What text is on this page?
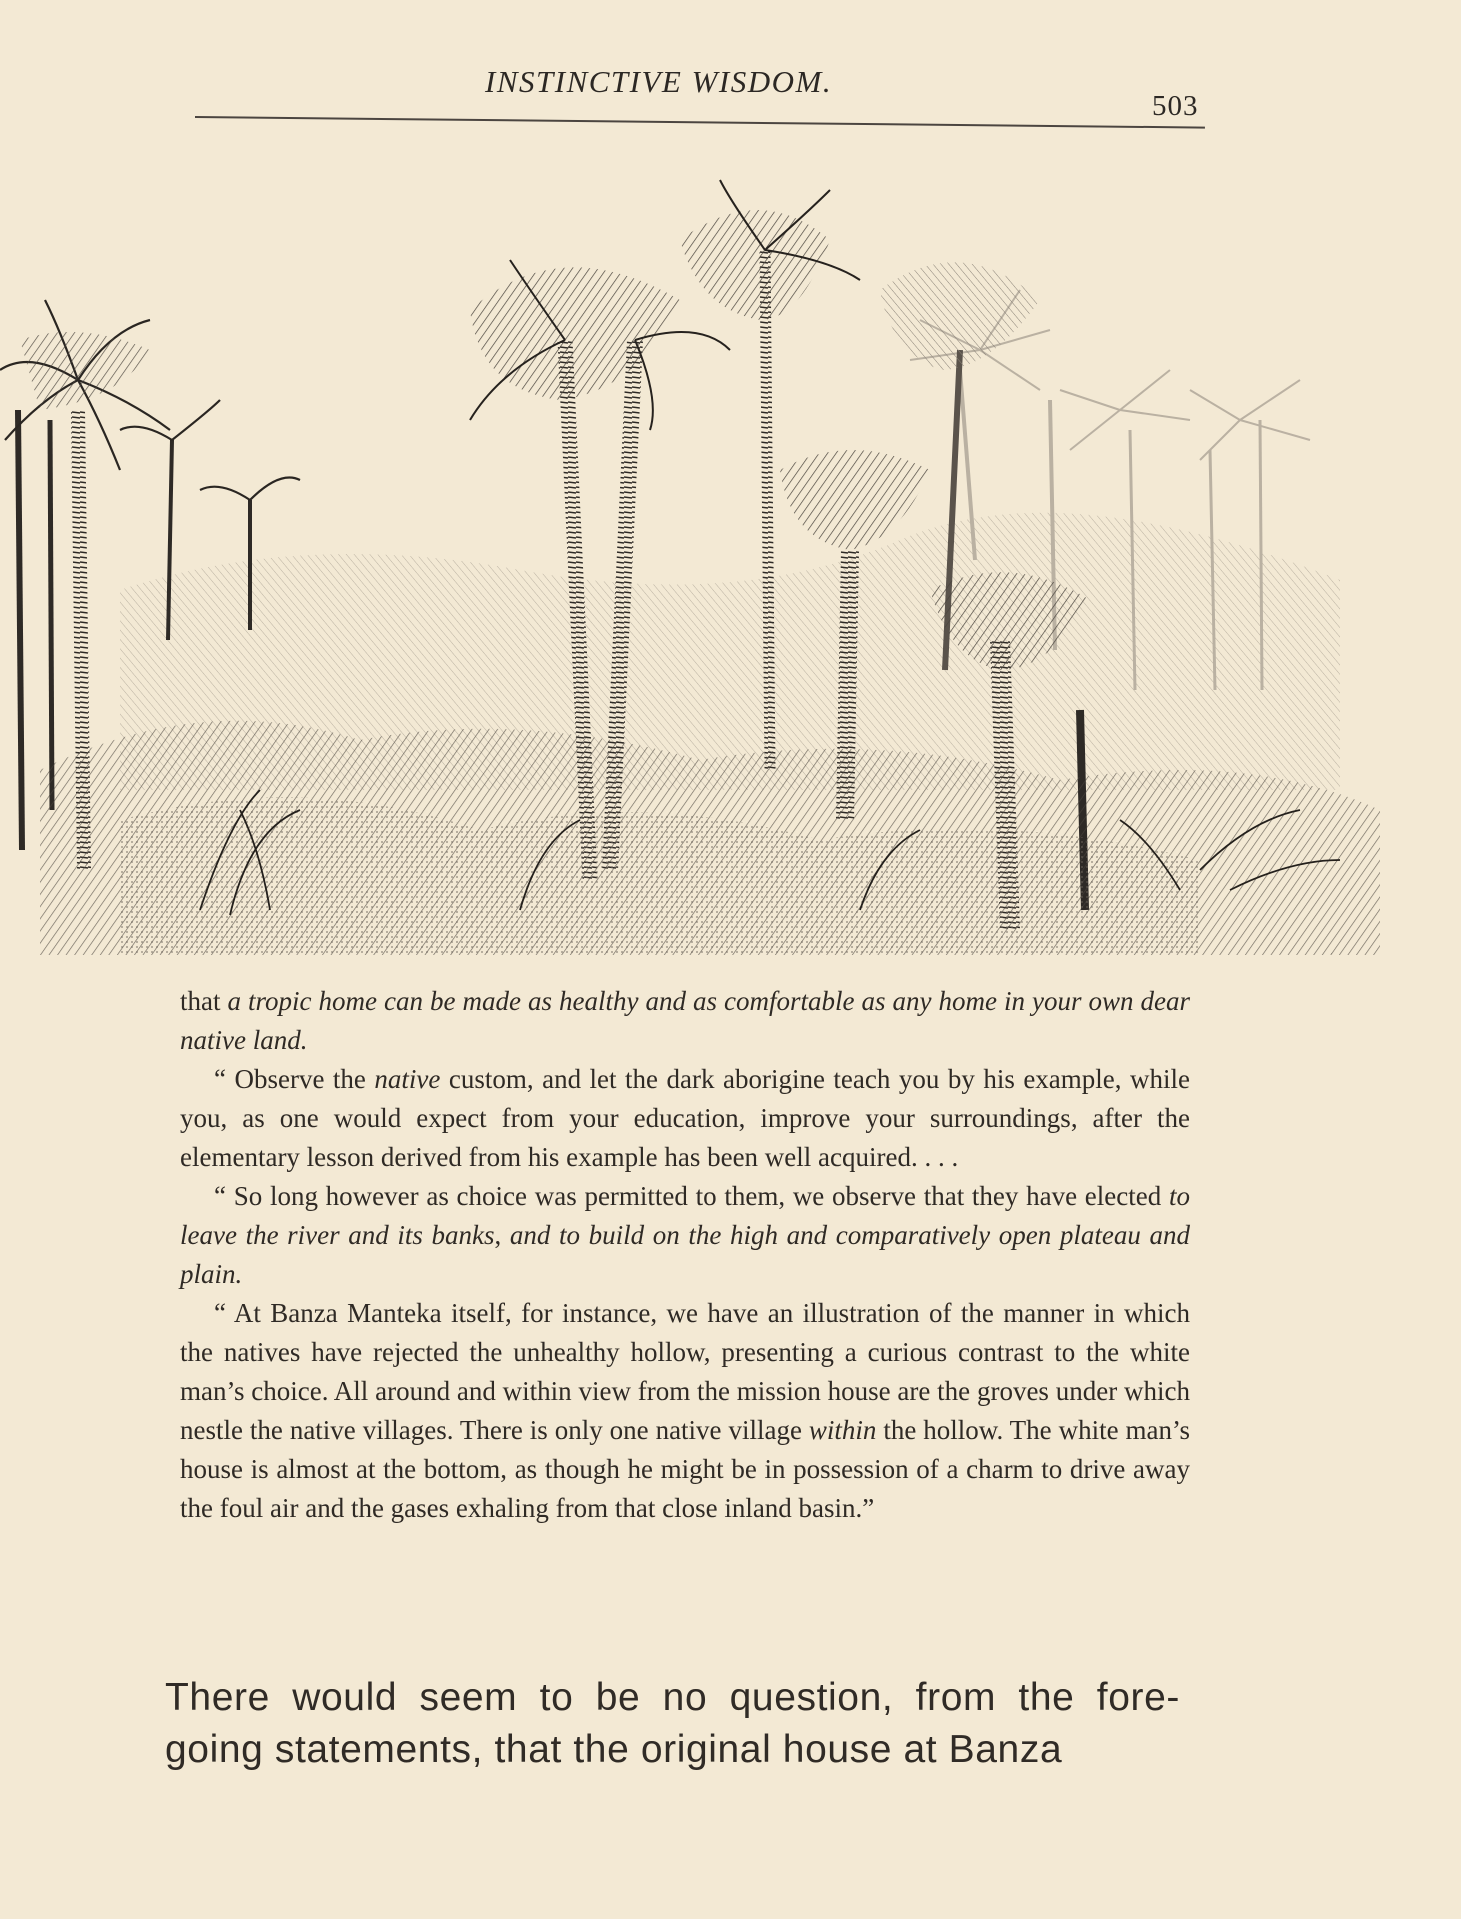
INSTINCTIVE WISDOM.
503

that a tropic home can be made as healthy and as comfortable as any home in your own dear native land.

“ Observe the native custom, and let the dark aborigine teach you by his example, while you, as one would expect from your education, improve your surroundings, after the elementary lesson derived from his example has been well acquired. . . .

“ So long however as choice was permitted to them, we observe that they have elected to leave the river and its banks, and to build on the high and comparatively open plateau and plain.

“ At Banza Manteka itself, for instance, we have an illustration of the manner in which the natives have rejected the unhealthy hollow, presenting a curious contrast to the white man’s choice. All around and within view from the mission house are the groves under which nestle the native villages. There is only one native village within the hollow. The white man’s house is almost at the bottom, as though he might be in possession of a charm to drive away the foul air and the gases exhaling from that close inland basin.”

There would seem to be no question, from the fore-going statements, that the original house at Banza
